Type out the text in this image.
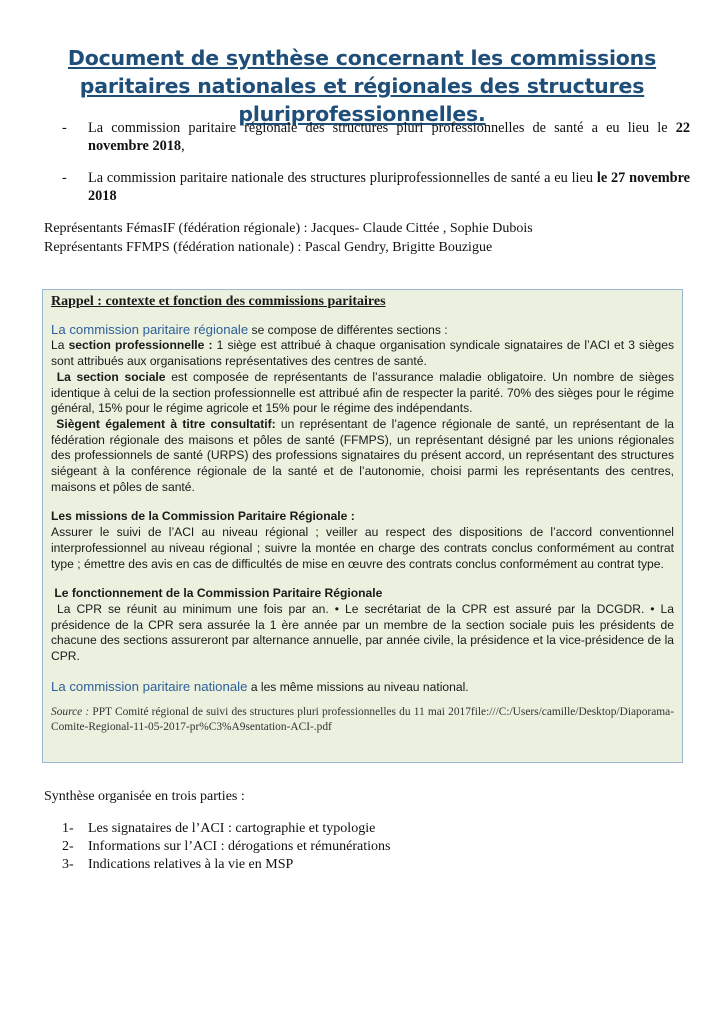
Document de synthèse concernant les commissions paritaires nationales et régionales des structures pluriprofessionnelles.
- La commission paritaire régionale des structures pluri professionnelles de santé a eu lieu le 22 novembre 2018,
- La commission paritaire nationale des structures pluriprofessionnelles de santé a eu lieu le 27 novembre 2018
Représentants FémasIF (fédération régionale) : Jacques- Claude Cittée , Sophie Dubois
Représentants FFMPS (fédération nationale) : Pascal Gendry, Brigitte Bouzigue

Rappel : contexte et fonction des commissions paritaires

La commission paritaire régionale se compose de différentes sections :

La section professionnelle : 1 siège est attribué à chaque organisation syndicale signataires de l’ACI et 3 sièges sont attribués aux organisations représentatives des centres de santé.

La section sociale est composée de représentants de l’assurance maladie obligatoire. Un nombre de sièges identique à celui de la section professionnelle est attribué afin de respecter la parité. 70% des sièges pour le régime général, 15% pour le régime agricole et 15% pour le régime des indépendants.

Siègent également à titre consultatif: un représentant de l’agence régionale de santé, un représentant de la fédération régionale des maisons et pôles de santé (FFMPS), un représentant désigné par les unions régionales des professionnels de santé (URPS) des professions signataires du présent accord, un représentant des structures siégeant à la conférence régionale de la santé et de l’autonomie, choisi parmi les représentants des centres, maisons et pôles de santé.

Les missions de la Commission Paritaire Régionale :

Assurer le suivi de l’ACI au niveau régional ; veiller au respect des dispositions de l’accord conventionnel interprofessionnel au niveau régional ; suivre la montée en charge des contrats conclus conformément au contrat type ; émettre des avis en cas de difficultés de mise en œuvre des contrats conclus conformément au contrat type.

Le fonctionnement de la Commission Paritaire Régionale

La CPR se réunit au minimum une fois par an. • Le secrétariat de la CPR est assuré par la DCGDR. • La présidence de la CPR sera assurée la 1 ère année par un membre de la section sociale puis les présidents de chacune des sections assureront par alternance annuelle, par année civile, la présidence et la vice-présidence de la CPR.

La commission paritaire nationale a les même missions au niveau national.

Source : PPT Comité régional de suivi des structures pluri professionnelles du 11 mai 2017file:///C:/Users/camille/Desktop/Diaporama-Comite-Regional-11-05-2017-pr%C3%A9sentation-ACI-.pdf

Synthèse organisée en trois parties :
1- Les signataires de l’ACI : cartographie et typologie
2- Informations sur l’ACI : dérogations et rémunérations
3- Indications relatives à la vie en MSP
